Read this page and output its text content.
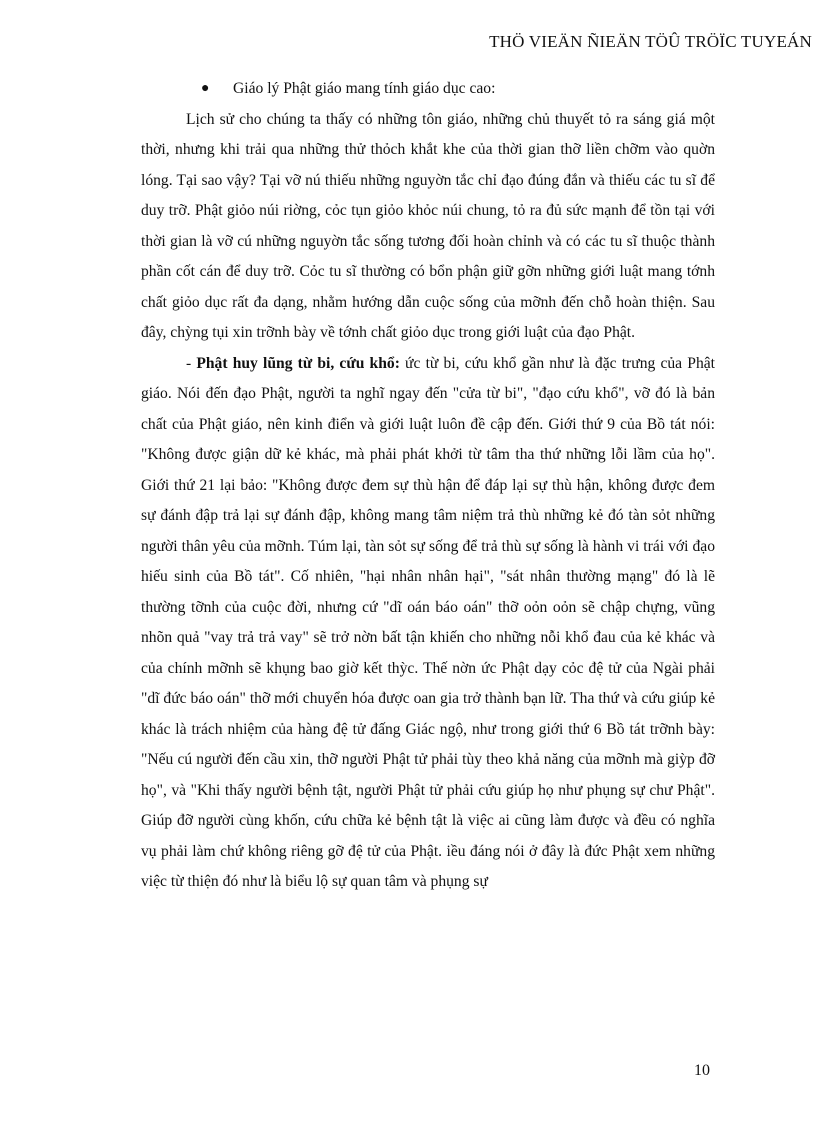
THÖ VIEÄN ÑIEÄN TÖÛ TRÖÏC TUYEÁN
●	Giáo lý Phật giáo mang tính giáo dục cao:

Lịch sử cho chúng ta thấy có những tôn giáo, những chủ thuyết tỏ ra sáng giá một thời, nhưng khi trải qua những thử thỏch khắt khe của thời gian thỡ liền chỡm vào quờn lóng. Tại sao vậy? Tại vỡ nú thiếu những nguyờn tắc chỉ đạo đúng đắn và thiếu các tu sĩ để duy trỡ. Phật giỏo núi riờng, cỏc tụn giỏo khỏc núi chung, tỏ ra đủ sức mạnh để tồn tại với thời gian là vỡ cú những nguyờn tắc sống tương đối hoàn chỉnh và có các tu sĩ thuộc thành phần cốt cán để duy trỡ. Cỏc tu sĩ thường có bổn phận giữ gỡn những giới luật mang tớnh chất giỏo dục rất đa dạng, nhằm hướng dẫn cuộc sống của mỡnh đến chỗ hoàn thiện. Sau đây, chỳng tụi xin trỡnh bày về tớnh chất giỏo dục trong giới luật của đạo Phật.

- Phật huy lũng từ bi, cứu khổ: ức từ bi, cứu khổ gần như là đặc trưng của Phật giáo. Nói đến đạo Phật, người ta nghĩ ngay đến "cửa từ bi", "đạo cứu khổ", vỡ đó là bản chất của Phật giáo, nên kinh điển và giới luật luôn đề cập đến. Giới thứ 9 của Bồ tát nói: "Không được giận dữ kẻ khác, mà phải phát khởi từ tâm tha thứ những lỗi lầm của họ". Giới thứ 21 lại bảo: "Không được đem sự thù hận để đáp lại sự thù hận, không được đem sự đánh đập trả lại sự đánh đập, không mang tâm niệm trả thù những kẻ đó tàn sỏt những người thân yêu của mỡnh. Túm lại, tàn sỏt sự sống để trả thù sự sống là hành vi trái với đạo hiếu sinh của Bồ tát". Cố nhiên, "hại nhân nhân hại", "sát nhân thường mạng" đó là lẽ thường tỡnh của cuộc đời, nhưng cứ "dĩ oán báo oán" thỡ oỏn oỏn sẽ chập chựng, vũng nhõn quả "vay trả trả vay" sẽ trở nờn bất tận khiến cho những nỗi khổ đau của kẻ khác và của chính mỡnh sẽ khụng bao giờ kết thỳc. Thế nờn ức Phật dạy cỏc đệ tử của Ngài phải "dĩ đức báo oán" thỡ mới chuyển hóa được oan gia trở thành bạn lữ. Tha thứ và cứu giúp kẻ khác là trách nhiệm của hàng đệ tử đấng Giác ngộ, như trong giới thứ 6 Bồ tát trỡnh bày: "Nếu cú người đến cầu xin, thỡ người Phật tử phải tùy theo khả năng của mỡnh mà giỳp đỡ họ", và "Khi thấy người bệnh tật, người Phật tử phải cứu giúp họ như phụng sự chư Phật". Giúp đỡ người cùng khốn, cứu chữa kẻ bệnh tật là việc ai cũng làm được và đều có nghĩa vụ phải làm chứ không riêng gỡ đệ tử của Phật. iều đáng nói ở đây là đức Phật xem những việc từ thiện đó như là biểu lộ sự quan tâm và phụng sự

10
